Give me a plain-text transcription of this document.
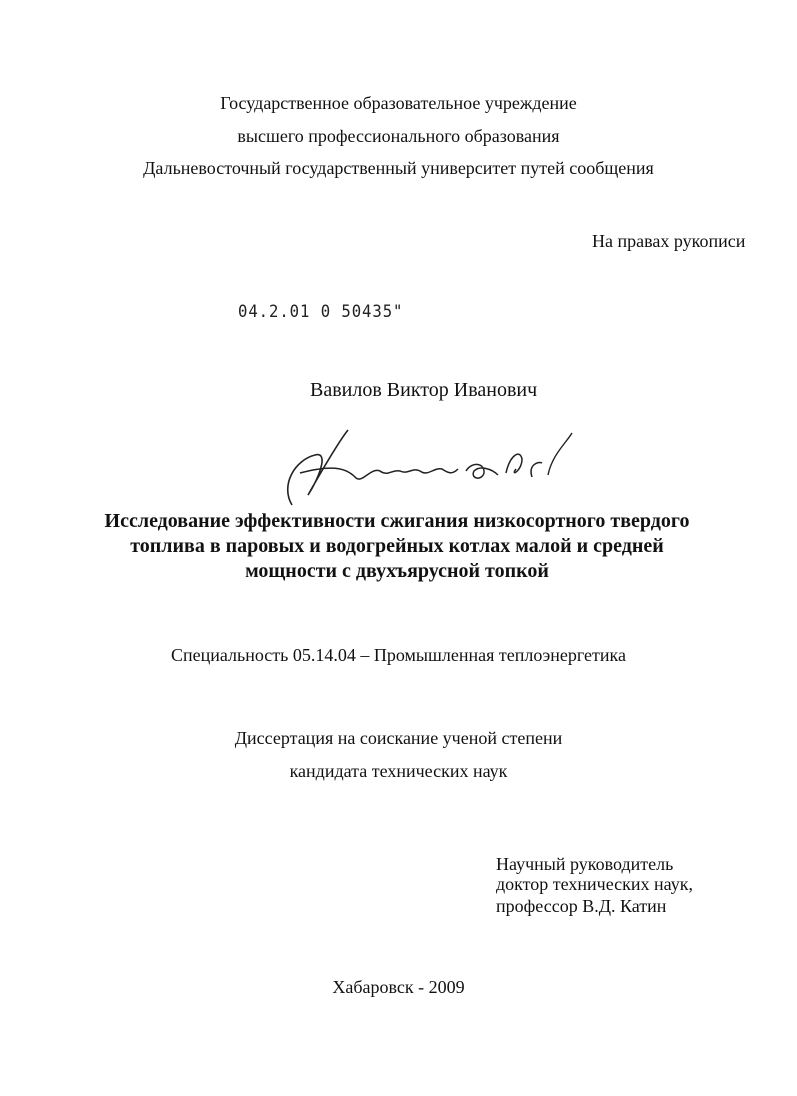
Государственное образовательное учреждение
высшего профессионального образования
Дальневосточный государственный университет путей сообщения
На правах рукописи
04.2.01 0 50435"
Вавилов Виктор Иванович
Исследование эффективности сжигания низкосортного твердого
топлива в паровых и водогрейных котлах малой и средней
мощности с двухъярусной топкой
Специальность 05.14.04 – Промышленная теплоэнергетика
Диссертация на соискание ученой степени
кандидата технических наук
Научный руководитель
доктор технических наук,
профессор В.Д. Катин
Хабаровск - 2009
